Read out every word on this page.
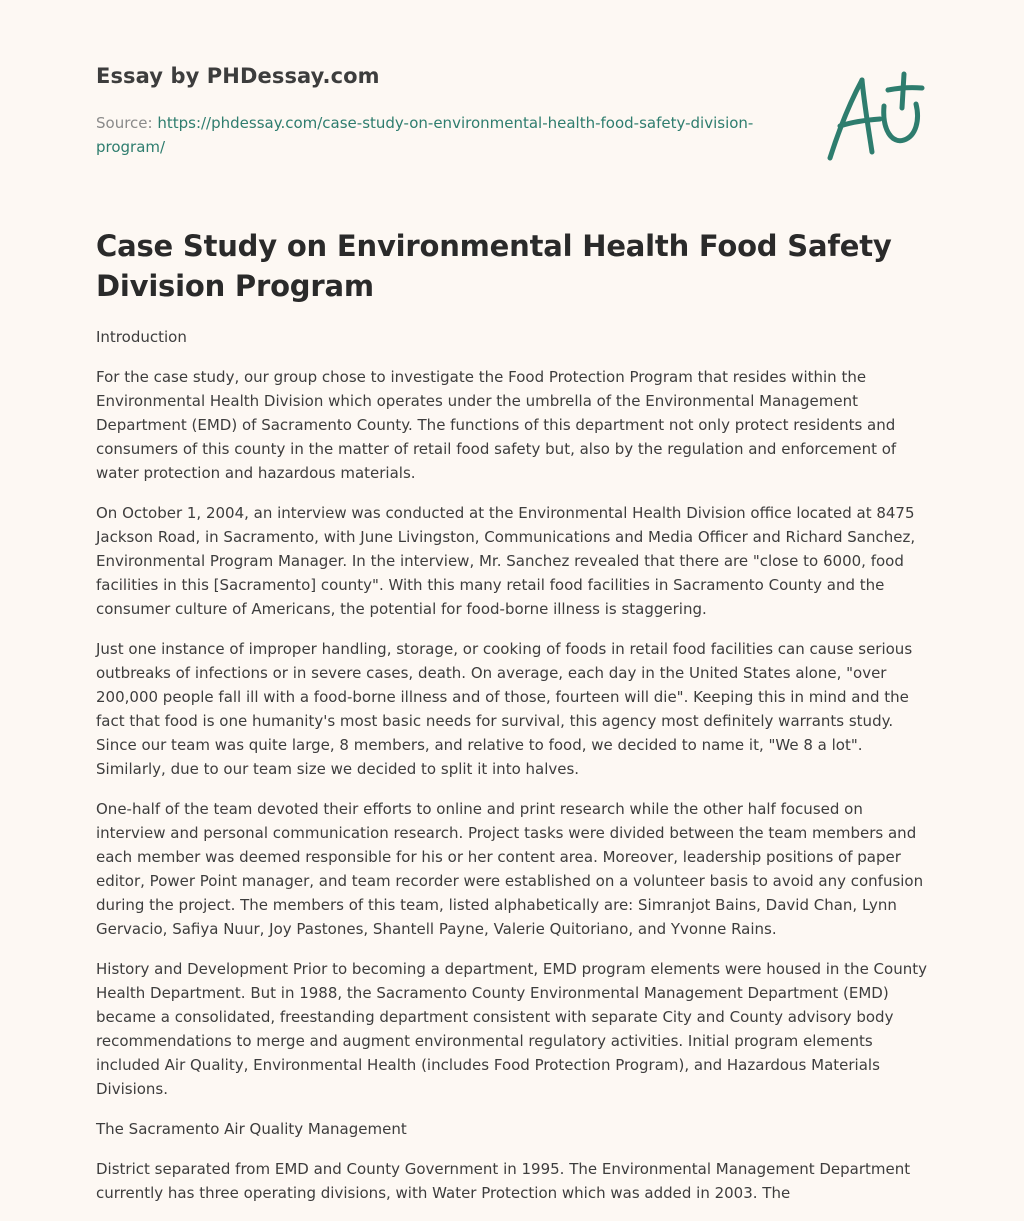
Essay by PHDessay.com
Source: https://phdessay.com/case-study-on-environmental-health-food-safety-division-program/
Case Study on Environmental Health Food Safety Division Program

Introduction

For the case study, our group chose to investigate the Food Protection Program that resides within the Environmental Health Division which operates under the umbrella of the Environmental Management Department (EMD) of Sacramento County. The functions of this department not only protect residents and consumers of this county in the matter of retail food safety but, also by the regulation and enforcement of water protection and hazardous materials.

On October 1, 2004, an interview was conducted at the Environmental Health Division office located at 8475 Jackson Road, in Sacramento, with June Livingston, Communications and Media Officer and Richard Sanchez, Environmental Program Manager. In the interview, Mr. Sanchez revealed that there are "close to 6000, food facilities in this [Sacramento] county". With this many retail food facilities in Sacramento County and the consumer culture of Americans, the potential for food-borne illness is staggering.

Just one instance of improper handling, storage, or cooking of foods in retail food facilities can cause serious outbreaks of infections or in severe cases, death. On average, each day in the United States alone, "over 200,000 people fall ill with a food-borne illness and of those, fourteen will die". Keeping this in mind and the fact that food is one humanity's most basic needs for survival, this agency most definitely warrants study. Since our team was quite large, 8 members, and relative to food, we decided to name it, "We 8 a lot". Similarly, due to our team size we decided to split it into halves.

One-half of the team devoted their efforts to online and print research while the other half focused on interview and personal communication research. Project tasks were divided between the team members and each member was deemed responsible for his or her content area. Moreover, leadership positions of paper editor, Power Point manager, and team recorder were established on a volunteer basis to avoid any confusion during the project. The members of this team, listed alphabetically are: Simranjot Bains, David Chan, Lynn Gervacio, Safiya Nuur, Joy Pastones, Shantell Payne, Valerie Quitoriano, and Yvonne Rains.

History and Development Prior to becoming a department, EMD program elements were housed in the County Health Department. But in 1988, the Sacramento County Environmental Management Department (EMD) became a consolidated, freestanding department consistent with separate City and County advisory body recommendations to merge and augment environmental regulatory activities. Initial program elements included Air Quality, Environmental Health (includes Food Protection Program), and Hazardous Materials Divisions.

The Sacramento Air Quality Management

District separated from EMD and County Government in 1995. The Environmental Management Department currently has three operating divisions, with Water Protection which was added in 2003. The
